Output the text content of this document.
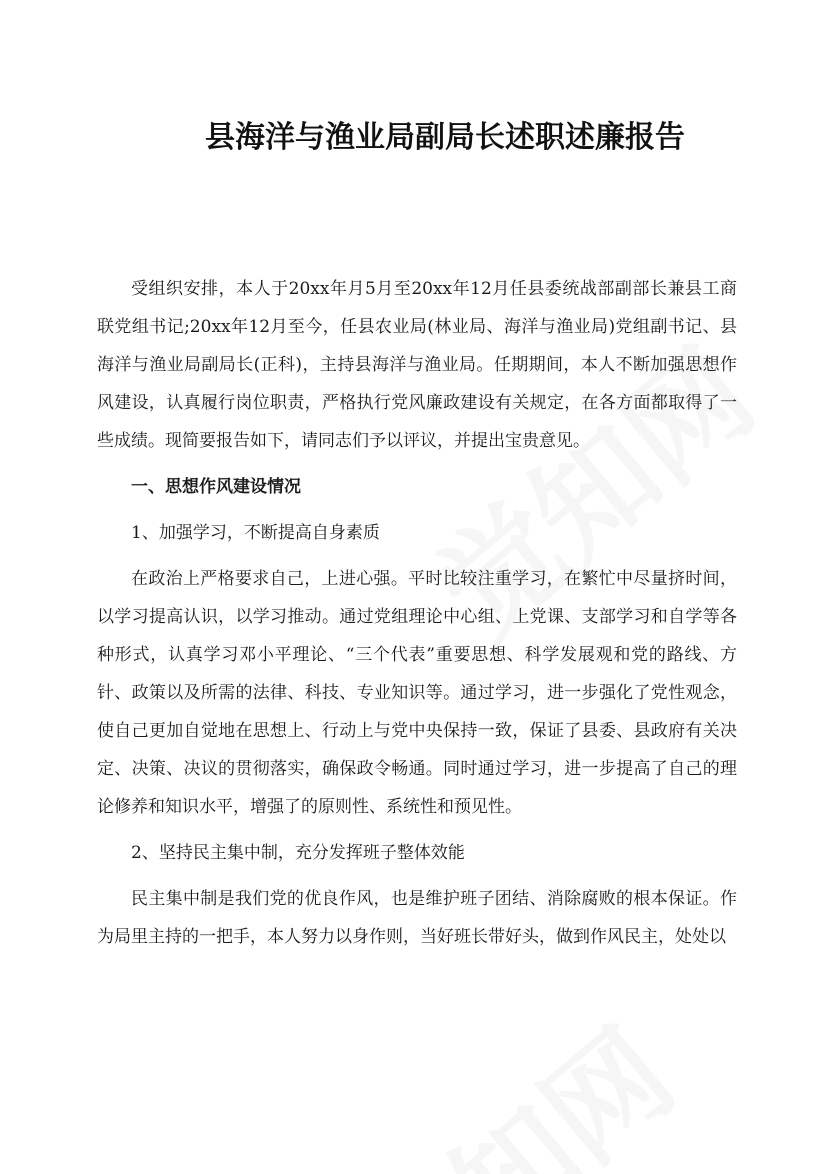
县海洋与渔业局副局长述职述廉报告

受组织安排，本人于20xx年月5月至20xx年12月任县委统战部副部长兼县工商联党组书记;20xx年12月至今，任县农业局(林业局、海洋与渔业局)党组副书记、县海洋与渔业局副局长(正科)，主持县海洋与渔业局。任期期间，本人不断加强思想作风建设，认真履行岗位职责，严格执行党风廉政建设有关规定，在各方面都取得了一些成绩。现简要报告如下，请同志们予以评议，并提出宝贵意见。

一、思想作风建设情况

1、加强学习，不断提高自身素质

在政治上严格要求自己，上进心强。平时比较注重学习，在繁忙中尽量挤时间，以学习提高认识，以学习推动。通过党组理论中心组、上党课、支部学习和自学等各种形式，认真学习邓小平理论、“三个代表”重要思想、科学发展观和党的路线、方针、政策以及所需的法律、科技、专业知识等。通过学习，进一步强化了党性观念，使自己更加自觉地在思想上、行动上与党中央保持一致，保证了县委、县政府有关决定、决策、决议的贯彻落实，确保政令畅通。同时通过学习，进一步提高了自己的理论修养和知识水平，增强了的原则性、系统性和预见性。

2、坚持民主集中制，充分发挥班子整体效能

民主集中制是我们党的优良作风，也是维护班子团结、消除腐败的根本保证。作为局里主持的一把手，本人努力以身作则，当好班长带好头，做到作风民主，处处以
